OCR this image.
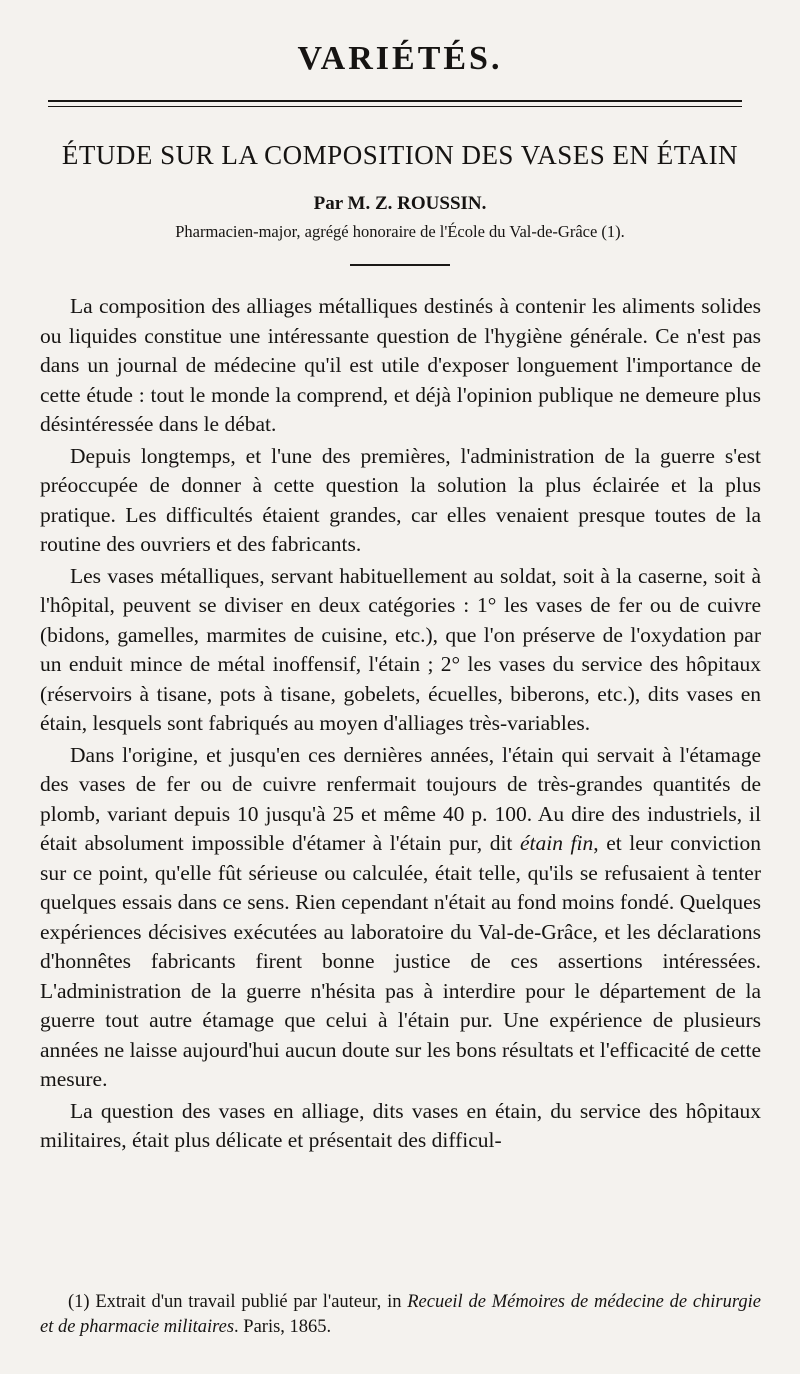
VARIÉTÉS.
ÉTUDE SUR LA COMPOSITION DES VASES EN ÉTAIN
Par M. Z. ROUSSIN.
Pharmacien-major, agrégé honoraire de l'École du Val-de-Grâce (1).

La composition des alliages métalliques destinés à contenir les aliments solides ou liquides constitue une intéressante question de l'hygiène générale. Ce n'est pas dans un journal de médecine qu'il est utile d'exposer longuement l'importance de cette étude : tout le monde la comprend, et déjà l'opinion publique ne demeure plus désintéressée dans le débat.

Depuis longtemps, et l'une des premières, l'administration de la guerre s'est préoccupée de donner à cette question la solution la plus éclairée et la plus pratique. Les difficultés étaient grandes, car elles venaient presque toutes de la routine des ouvriers et des fabricants.

Les vases métalliques, servant habituellement au soldat, soit à la caserne, soit à l'hôpital, peuvent se diviser en deux catégories : 1° les vases de fer ou de cuivre (bidons, gamelles, marmites de cuisine, etc.), que l'on préserve de l'oxydation par un enduit mince de métal inoffensif, l'étain ; 2° les vases du service des hôpitaux (réservoirs à tisane, pots à tisane, gobelets, écuelles, biberons, etc.), dits vases en étain, lesquels sont fabriqués au moyen d'alliages très-variables.

Dans l'origine, et jusqu'en ces dernières années, l'étain qui servait à l'étamage des vases de fer ou de cuivre renfermait toujours de très-grandes quantités de plomb, variant depuis 10 jusqu'à 25 et même 40 p. 100. Au dire des industriels, il était absolument impossible d'étamer à l'étain pur, dit étain fin, et leur conviction sur ce point, qu'elle fût sérieuse ou calculée, était telle, qu'ils se refusaient à tenter quelques essais dans ce sens. Rien cependant n'était au fond moins fondé. Quelques expériences décisives exécutées au laboratoire du Val-de-Grâce, et les déclarations d'honnêtes fabricants firent bonne justice de ces assertions intéressées. L'administration de la guerre n'hésita pas à interdire pour le département de la guerre tout autre étamage que celui à l'étain pur. Une expérience de plusieurs années ne laisse aujourd'hui aucun doute sur les bons résultats et l'efficacité de cette mesure.

La question des vases en alliage, dits vases en étain, du service des hôpitaux militaires, était plus délicate et présentait des difficul-

(1) Extrait d'un travail publié par l'auteur, in Recueil de Mémoires de médecine de chirurgie et de pharmacie militaires. Paris, 1865.
